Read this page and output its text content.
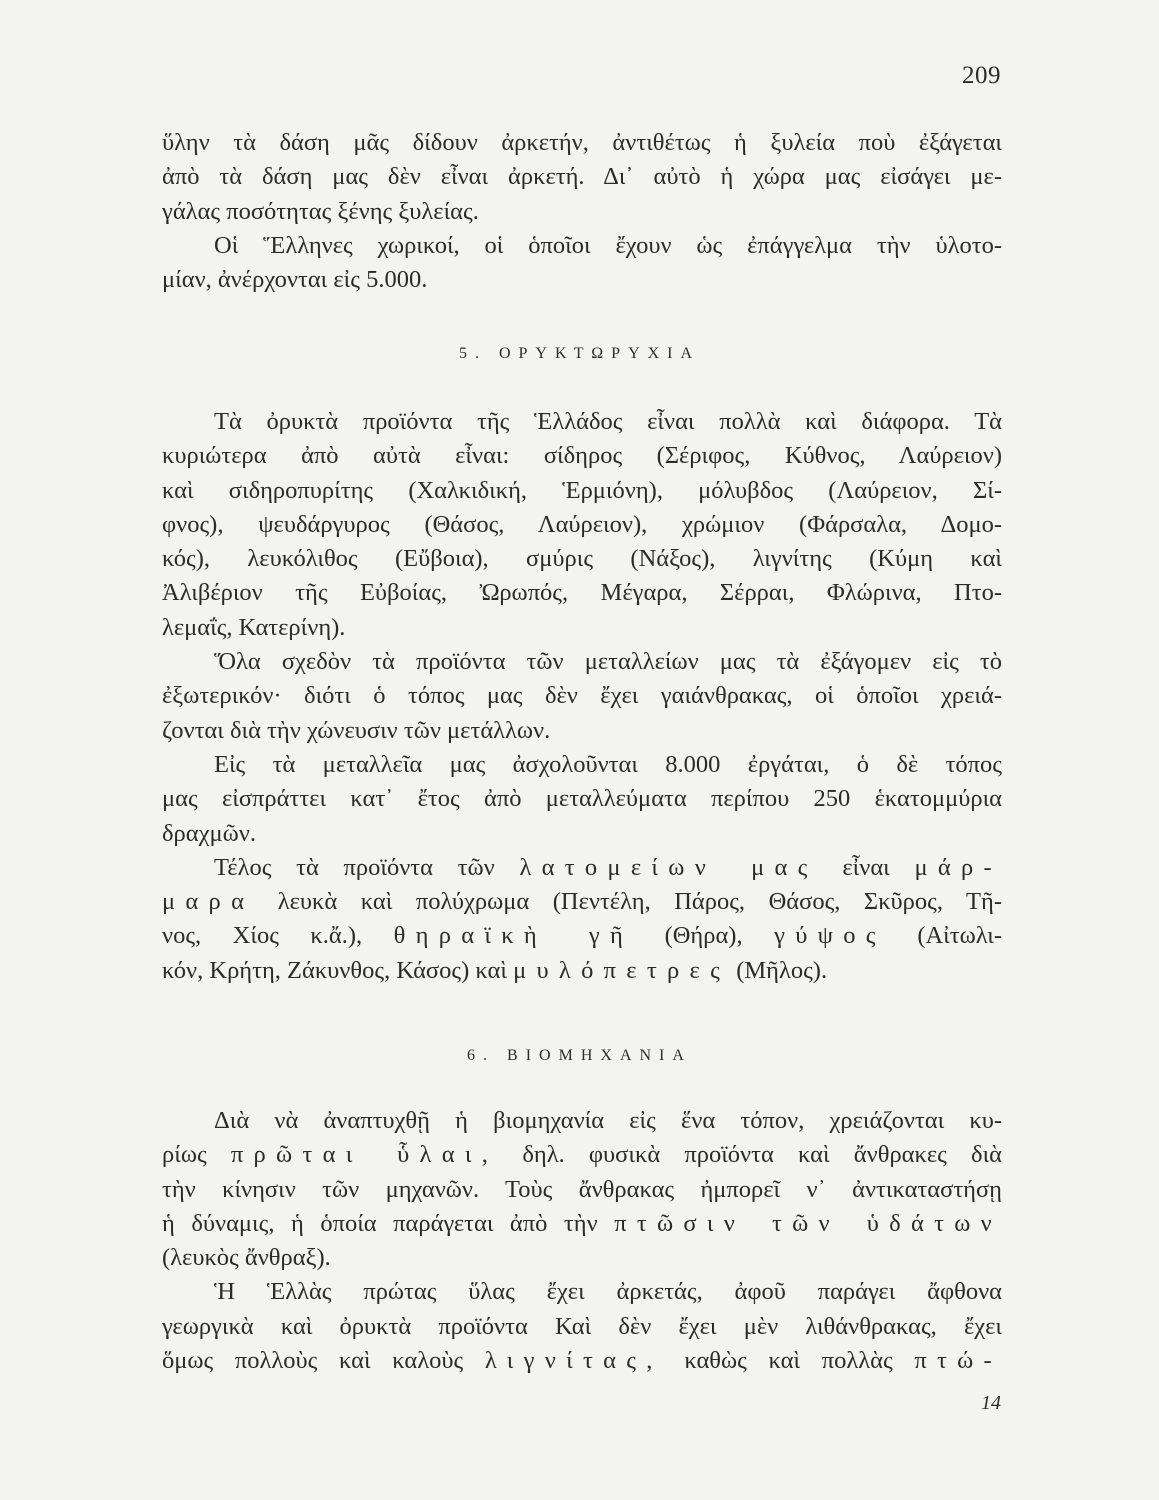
209
ὕλην τὰ δάση μᾶς δίδουν ἀρκετήν, ἀντιθέτως ἡ ξυλεία ποὺ ἐξάγεται
ἀπὸ τὰ δάση μας δὲν εἶναι ἀρκετή. Δι᾽ αὐτὸ ἡ χώρα μας εἰσάγει με-
γάλας ποσότητας ξένης ξυλείας.
Οἱ Ἕλληνες χωρικοί, οἱ ὁποῖοι ἔχουν ὡς ἐπάγγελμα τὴν ὑλοτο-
μίαν, ἀνέρχονται εἰς 5.000.
5. ΟΡΥΚΤΩΡΥΧΙΑ
Τὰ ὀρυκτὰ προϊόντα τῆς Ἑλλάδος εἶναι πολλὰ καὶ διάφορα. Τὰ
κυριώτερα ἀπὸ αὐτὰ εἶναι: σίδηρος (Σέριφος, Κύθνος, Λαύρειον)
καὶ σιδηροπυρίτης (Χαλκιδική, Ἑρμιόνη), μόλυβδος (Λαύρειον, Σί-
φνος), ψευδάργυρος (Θάσος, Λαύρειον), χρώμιον (Φάρσαλα, Δομο-
κός), λευκόλιθος (Εὔβοια), σμύρις (Νάξος), λιγνίτης (Κύμη καὶ
Ἀλιβέριον τῆς Εὐβοίας, Ὠρωπός, Μέγαρα, Σέρραι, Φλώρινα, Πτο-
λεμαΐς, Κατερίνη).
Ὅλα σχεδὸν τὰ προϊόντα τῶν μεταλλείων μας τὰ ἐξάγομεν εἰς τὸ
ἐξωτερικόν· διότι ὁ τόπος μας δὲν ἔχει γαιάνθρακας, οἱ ὁποῖοι χρειά-
ζονται διὰ τὴν χώνευσιν τῶν μετάλλων.
Εἰς τὰ μεταλλεῖα μας ἀσχολοῦνται 8.000 ἐργάται, ὁ δὲ τόπος
μας εἰσπράττει κατ᾽ ἔτος ἀπὸ μεταλλεύματα περίπου 250 ἑκατομμύρια
δραχμῶν.
Τέλος τὰ προϊόντα τῶν λατομείων μας εἶναι μάρ-
μαρα λευκὰ καὶ πολύχρωμα (Πεντέλη, Πάρος, Θάσος, Σκῦρος, Τῆ-
νος, Χίος κ.ἄ.), θηραϊκὴ γῆ (Θήρα), γύψος (Αἰτωλι-
κόν, Κρήτη, Ζάκυνθος, Κάσος) καὶ μυλόπετρες (Μῆλος).
6. ΒΙΟΜΗΧΑΝΙΑ
Διὰ νὰ ἀναπτυχθῇ ἡ βιομηχανία εἰς ἕνα τόπον, χρειάζονται κυ-
ρίως πρῶται ὗλαι, δηλ. φυσικὰ προϊόντα καὶ ἄνθρακες διὰ
τὴν κίνησιν τῶν μηχανῶν. Τοὺς ἄνθρακας ἠμπορεῖ ν᾽ ἀντικαταστήσῃ
ἡ δύναμις, ἡ ὁποία παράγεται ἀπὸ τὴν πτῶσιν τῶν ὑδάτων
(λευκὸς ἄνθραξ).
Ἡ Ἑλλὰς πρώτας ὕλας ἔχει ἀρκετάς, ἀφοῦ παράγει ἄφθονα
γεωργικὰ καὶ ὀρυκτὰ προϊόντα Καὶ δὲν ἔχει μὲν λιθάνθρακας, ἔχει
ὅμως πολλοὺς καὶ καλοὺς λιγνίτας, καθὼς καὶ πολλὰς πτώ-
14
